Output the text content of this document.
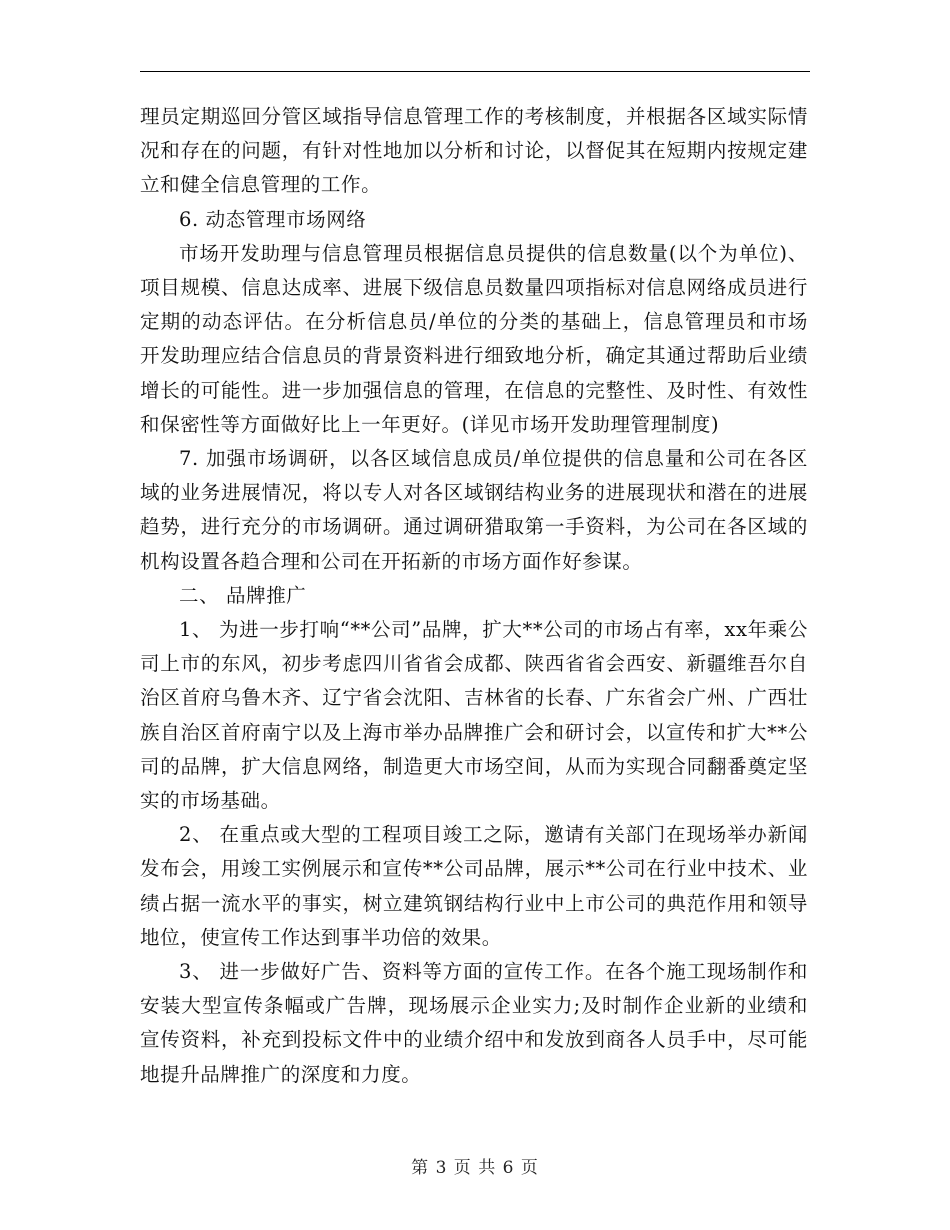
理员定期巡回分管区域指导信息管理工作的考核制度，并根据各区域实际情况和存在的问题，有针对性地加以分析和讨论，以督促其在短期内按规定建立和健全信息管理的工作。

6. 动态管理市场网络

市场开发助理与信息管理员根据信息员提供的信息数量(以个为单位)、项目规模、信息达成率、进展下级信息员数量四项指标对信息网络成员进行定期的动态评估。在分析信息员/单位的分类的基础上，信息管理员和市场开发助理应结合信息员的背景资料进行细致地分析，确定其通过帮助后业绩增长的可能性。进一步加强信息的管理，在信息的完整性、及时性、有效性和保密性等方面做好比上一年更好。(详见市场开发助理管理制度)

7. 加强市场调研，以各区域信息成员/单位提供的信息量和公司在各区域的业务进展情况，将以专人对各区域钢结构业务的进展现状和潜在的进展趋势，进行充分的市场调研。通过调研猎取第一手资料，为公司在各区域的机构设置各趋合理和公司在开拓新的市场方面作好参谋。

二、 品牌推广

1、 为进一步打响“**公司”品牌，扩大**公司的市场占有率，xx年乘公司上市的东风，初步考虑四川省省会成都、陕西省省会西安、新疆维吾尔自治区首府乌鲁木齐、辽宁省会沈阳、吉林省的长春、广东省会广州、广西壮族自治区首府南宁以及上海市举办品牌推广会和研讨会，以宣传和扩大**公司的品牌，扩大信息网络，制造更大市场空间，从而为实现合同翻番奠定坚实的市场基础。

2、 在重点或大型的工程项目竣工之际，邀请有关部门在现场举办新闻发布会，用竣工实例展示和宣传**公司品牌，展示**公司在行业中技术、业绩占据一流水平的事实，树立建筑钢结构行业中上市公司的典范作用和领导地位，使宣传工作达到事半功倍的效果。

3、 进一步做好广告、资料等方面的宣传工作。在各个施工现场制作和安装大型宣传条幅或广告牌，现场展示企业实力;及时制作企业新的业绩和宣传资料，补充到投标文件中的业绩介绍中和发放到商各人员手中，尽可能地提升品牌推广的深度和力度。

第 3 页 共 6 页
